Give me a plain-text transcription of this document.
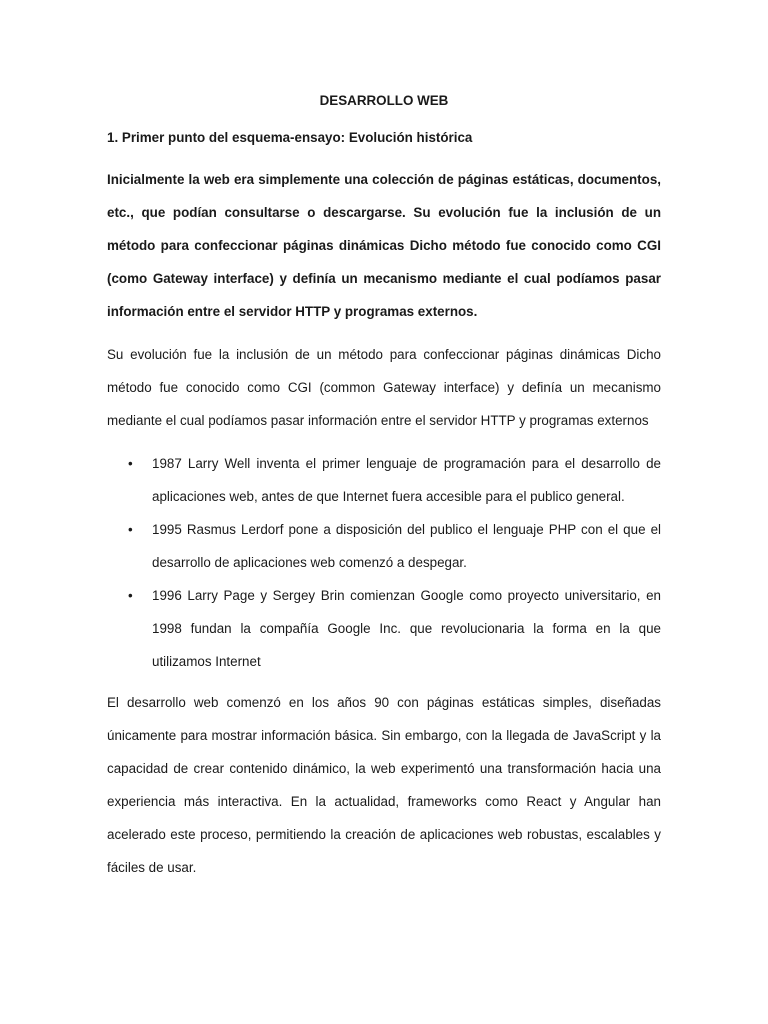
DESARROLLO WEB
1. Primer punto del esquema-ensayo: Evolución histórica

Inicialmente la web era simplemente una colección de páginas estáticas, documentos, etc., que podían consultarse o descargarse. Su evolución fue la inclusión de un método para confeccionar páginas dinámicas Dicho método fue conocido como CGI (como Gateway interface) y definía un mecanismo mediante el cual podíamos pasar información entre el servidor HTTP y programas externos.

Su evolución fue la inclusión de un método para confeccionar páginas dinámicas Dicho método fue conocido como CGI (common Gateway interface) y definía un mecanismo mediante el cual podíamos pasar información entre el servidor HTTP y programas externos

• 1987 Larry Well inventa el primer lenguaje de programación para el desarrollo de aplicaciones web, antes de que Internet fuera accesible para el publico general.
• 1995 Rasmus Lerdorf pone a disposición del publico el lenguaje PHP con el que el desarrollo de aplicaciones web comenzó a despegar.
• 1996 Larry Page y Sergey Brin comienzan Google como proyecto universitario, en 1998 fundan la compañía Google Inc. que revolucionaria la forma en la que utilizamos Internet

El desarrollo web comenzó en los años 90 con páginas estáticas simples, diseñadas únicamente para mostrar información básica. Sin embargo, con la llegada de JavaScript y la capacidad de crear contenido dinámico, la web experimentó una transformación hacia una experiencia más interactiva. En la actualidad, frameworks como React y Angular han acelerado este proceso, permitiendo la creación de aplicaciones web robustas, escalables y fáciles de usar.
